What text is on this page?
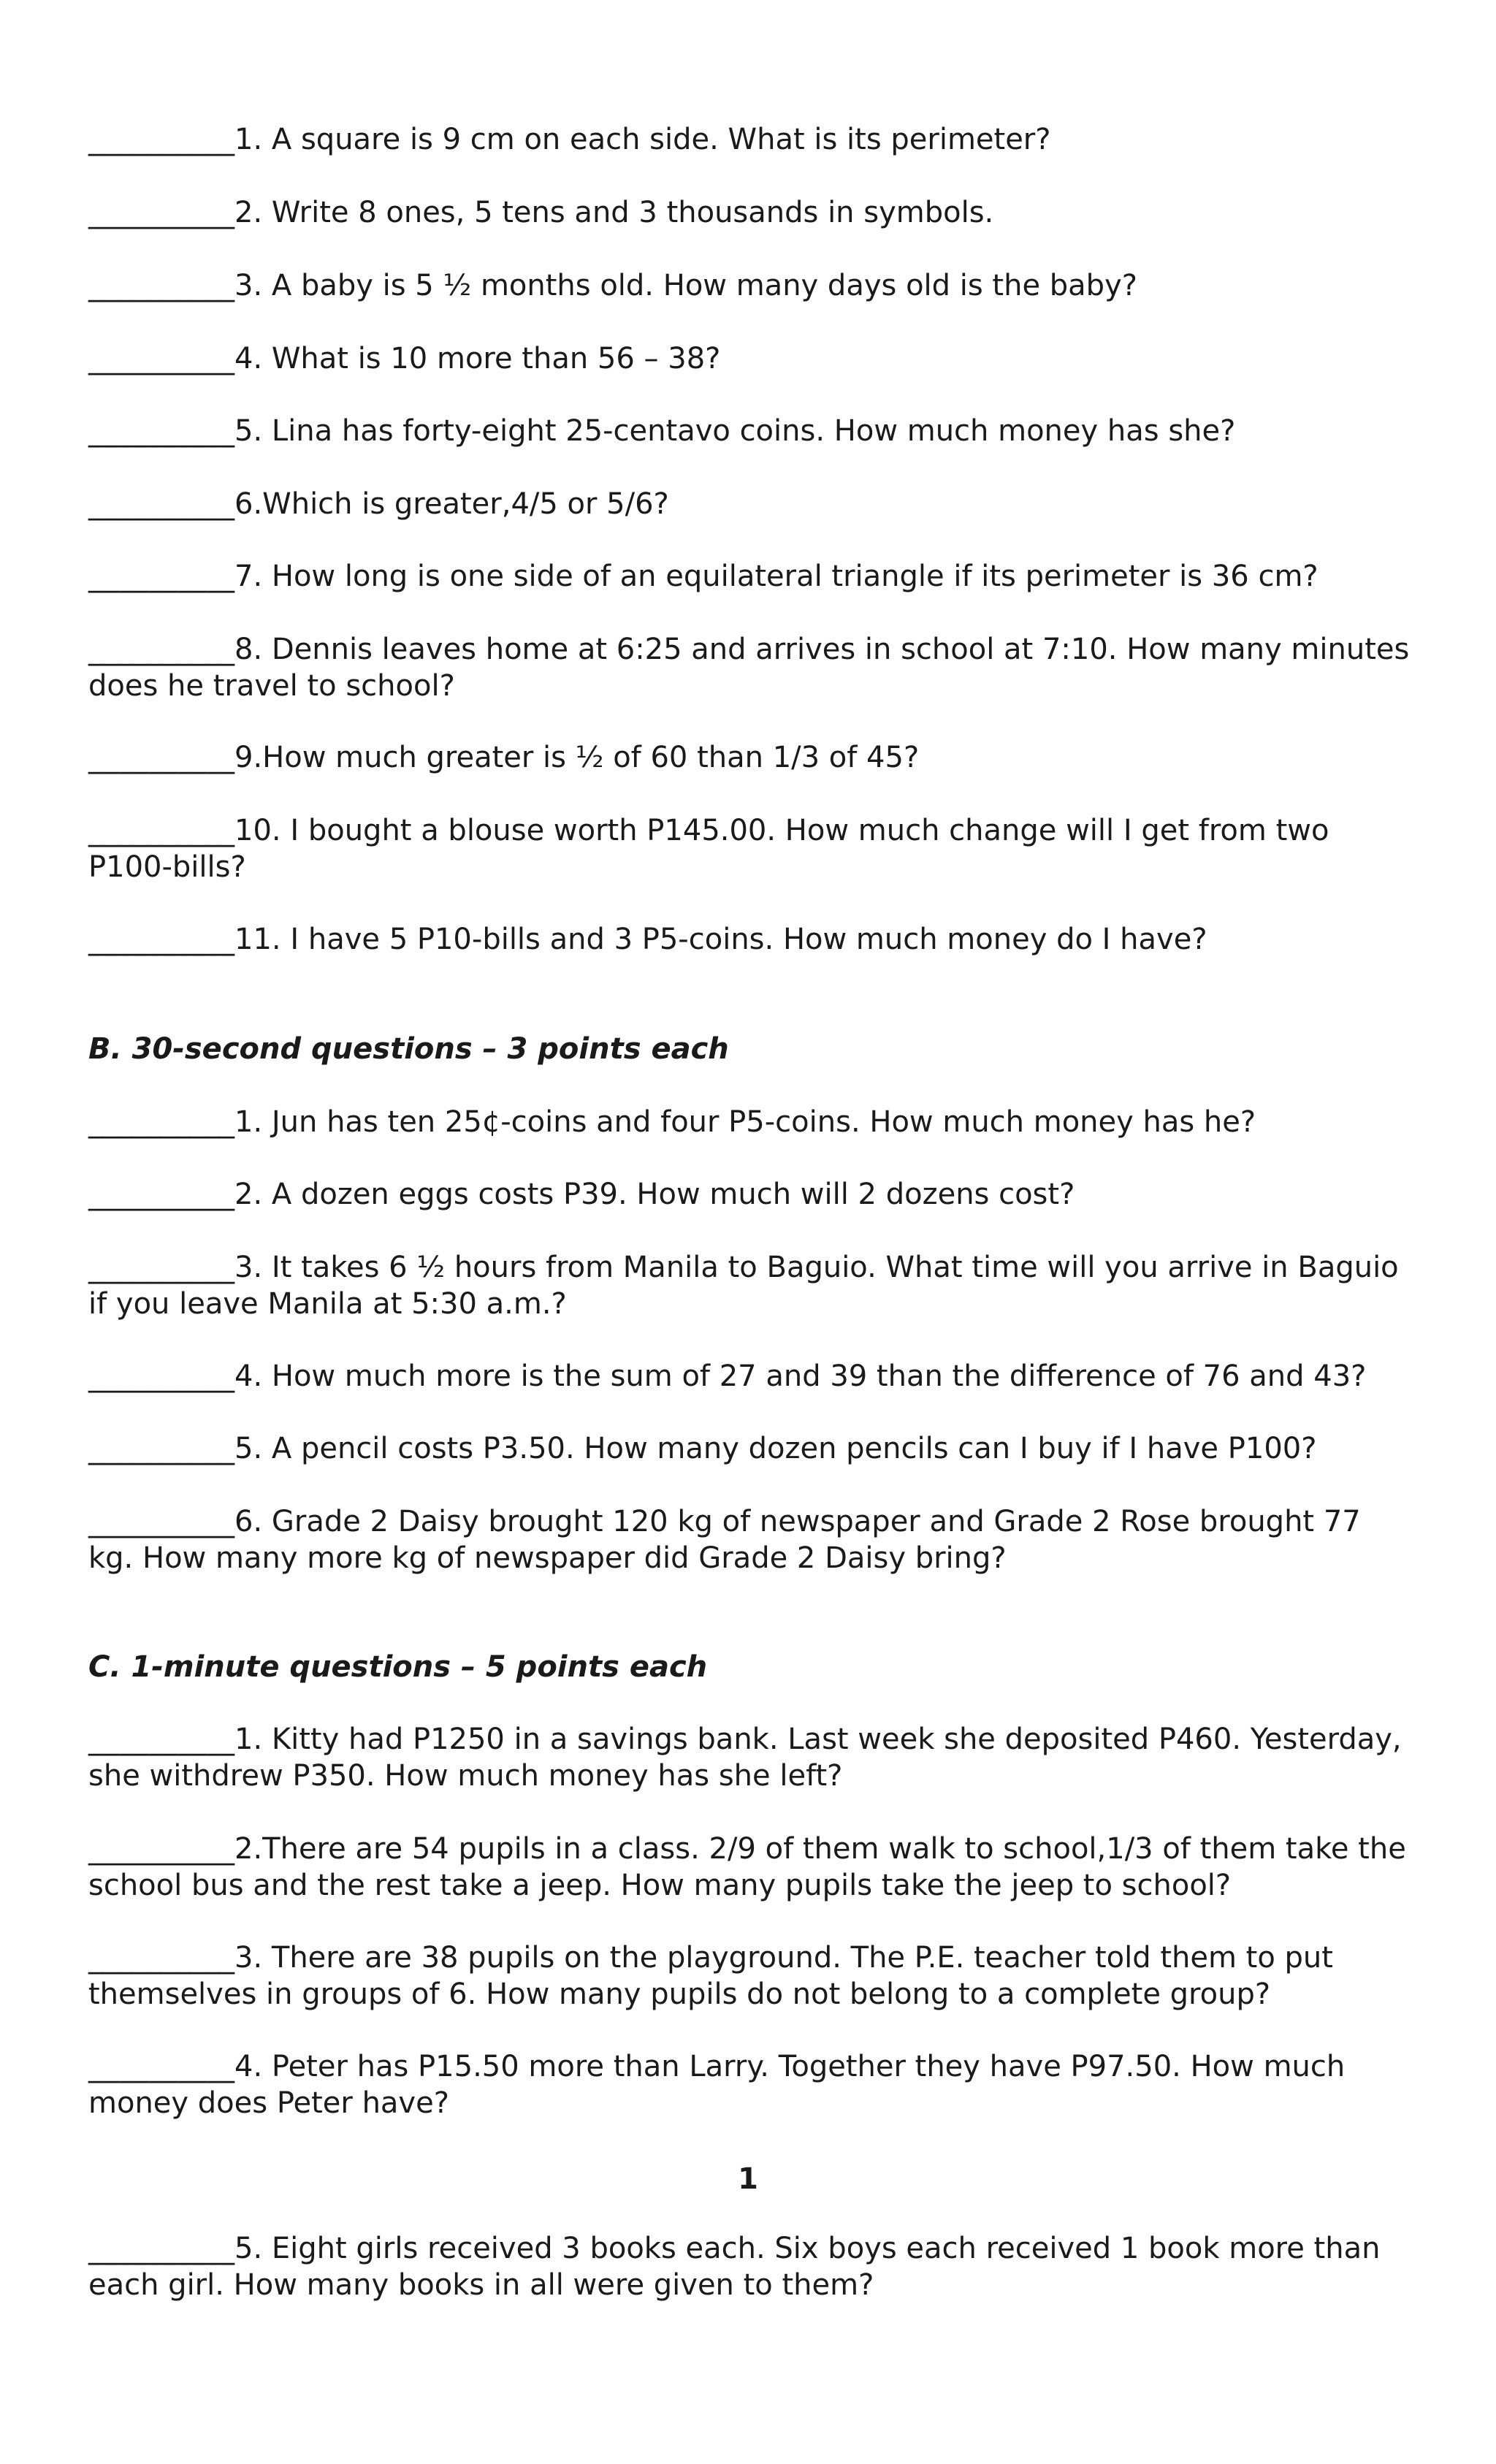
__________1. A square is 9 cm on each side. What is its perimeter?

__________2. Write 8 ones, 5 tens and 3 thousands in symbols.

__________3. A baby is 5 ½ months old. How many days old is the baby?

__________4. What is 10 more than 56 – 38?

__________5. Lina has forty-eight 25-centavo coins. How much money has she?

__________6.Which is greater,4/5 or 5/6?

__________7. How long is one side of an equilateral triangle if its perimeter is 36 cm?

__________8. Dennis leaves home at 6:25 and arrives in school at 7:10. How many minutes does he travel to school?

__________9.How much greater is ½ of 60 than 1/3 of 45?

__________10. I bought a blouse worth P145.00. How much change will I get from two P100-bills?

__________11. I have 5 P10-bills and 3 P5-coins. How much money do I have?

B. 30-second questions – 3 points each

__________1. Jun has ten 25¢-coins and four P5-coins. How much money has he?

__________2. A dozen eggs costs P39. How much will 2 dozens cost?

__________3. It takes 6 ½ hours from Manila to Baguio. What time will you arrive in Baguio if you leave Manila at 5:30 a.m.?

__________4. How much more is the sum of 27 and 39 than the difference of 76 and 43?

__________5. A pencil costs P3.50. How many dozen pencils can I buy if I have P100?

__________6. Grade 2 Daisy brought 120 kg of newspaper and Grade 2 Rose brought 77 kg. How many more kg of newspaper did Grade 2 Daisy bring?

C. 1-minute questions – 5 points each

__________1. Kitty had P1250 in a savings bank. Last week she deposited P460. Yesterday, she withdrew P350. How much money has she left?

__________2.There are 54 pupils in a class. 2/9 of them walk to school,1/3 of them take the school bus and the rest take a jeep. How many pupils take the jeep to school?

__________3. There are 38 pupils on the playground. The P.E. teacher told them to put themselves in groups of 6. How many pupils do not belong to a complete group?

__________4. Peter has P15.50 more than Larry. Together they have P97.50. How much money does Peter have?

1

__________5. Eight girls received 3 books each. Six boys each received 1 book more than each girl. How many books in all were given to them?
